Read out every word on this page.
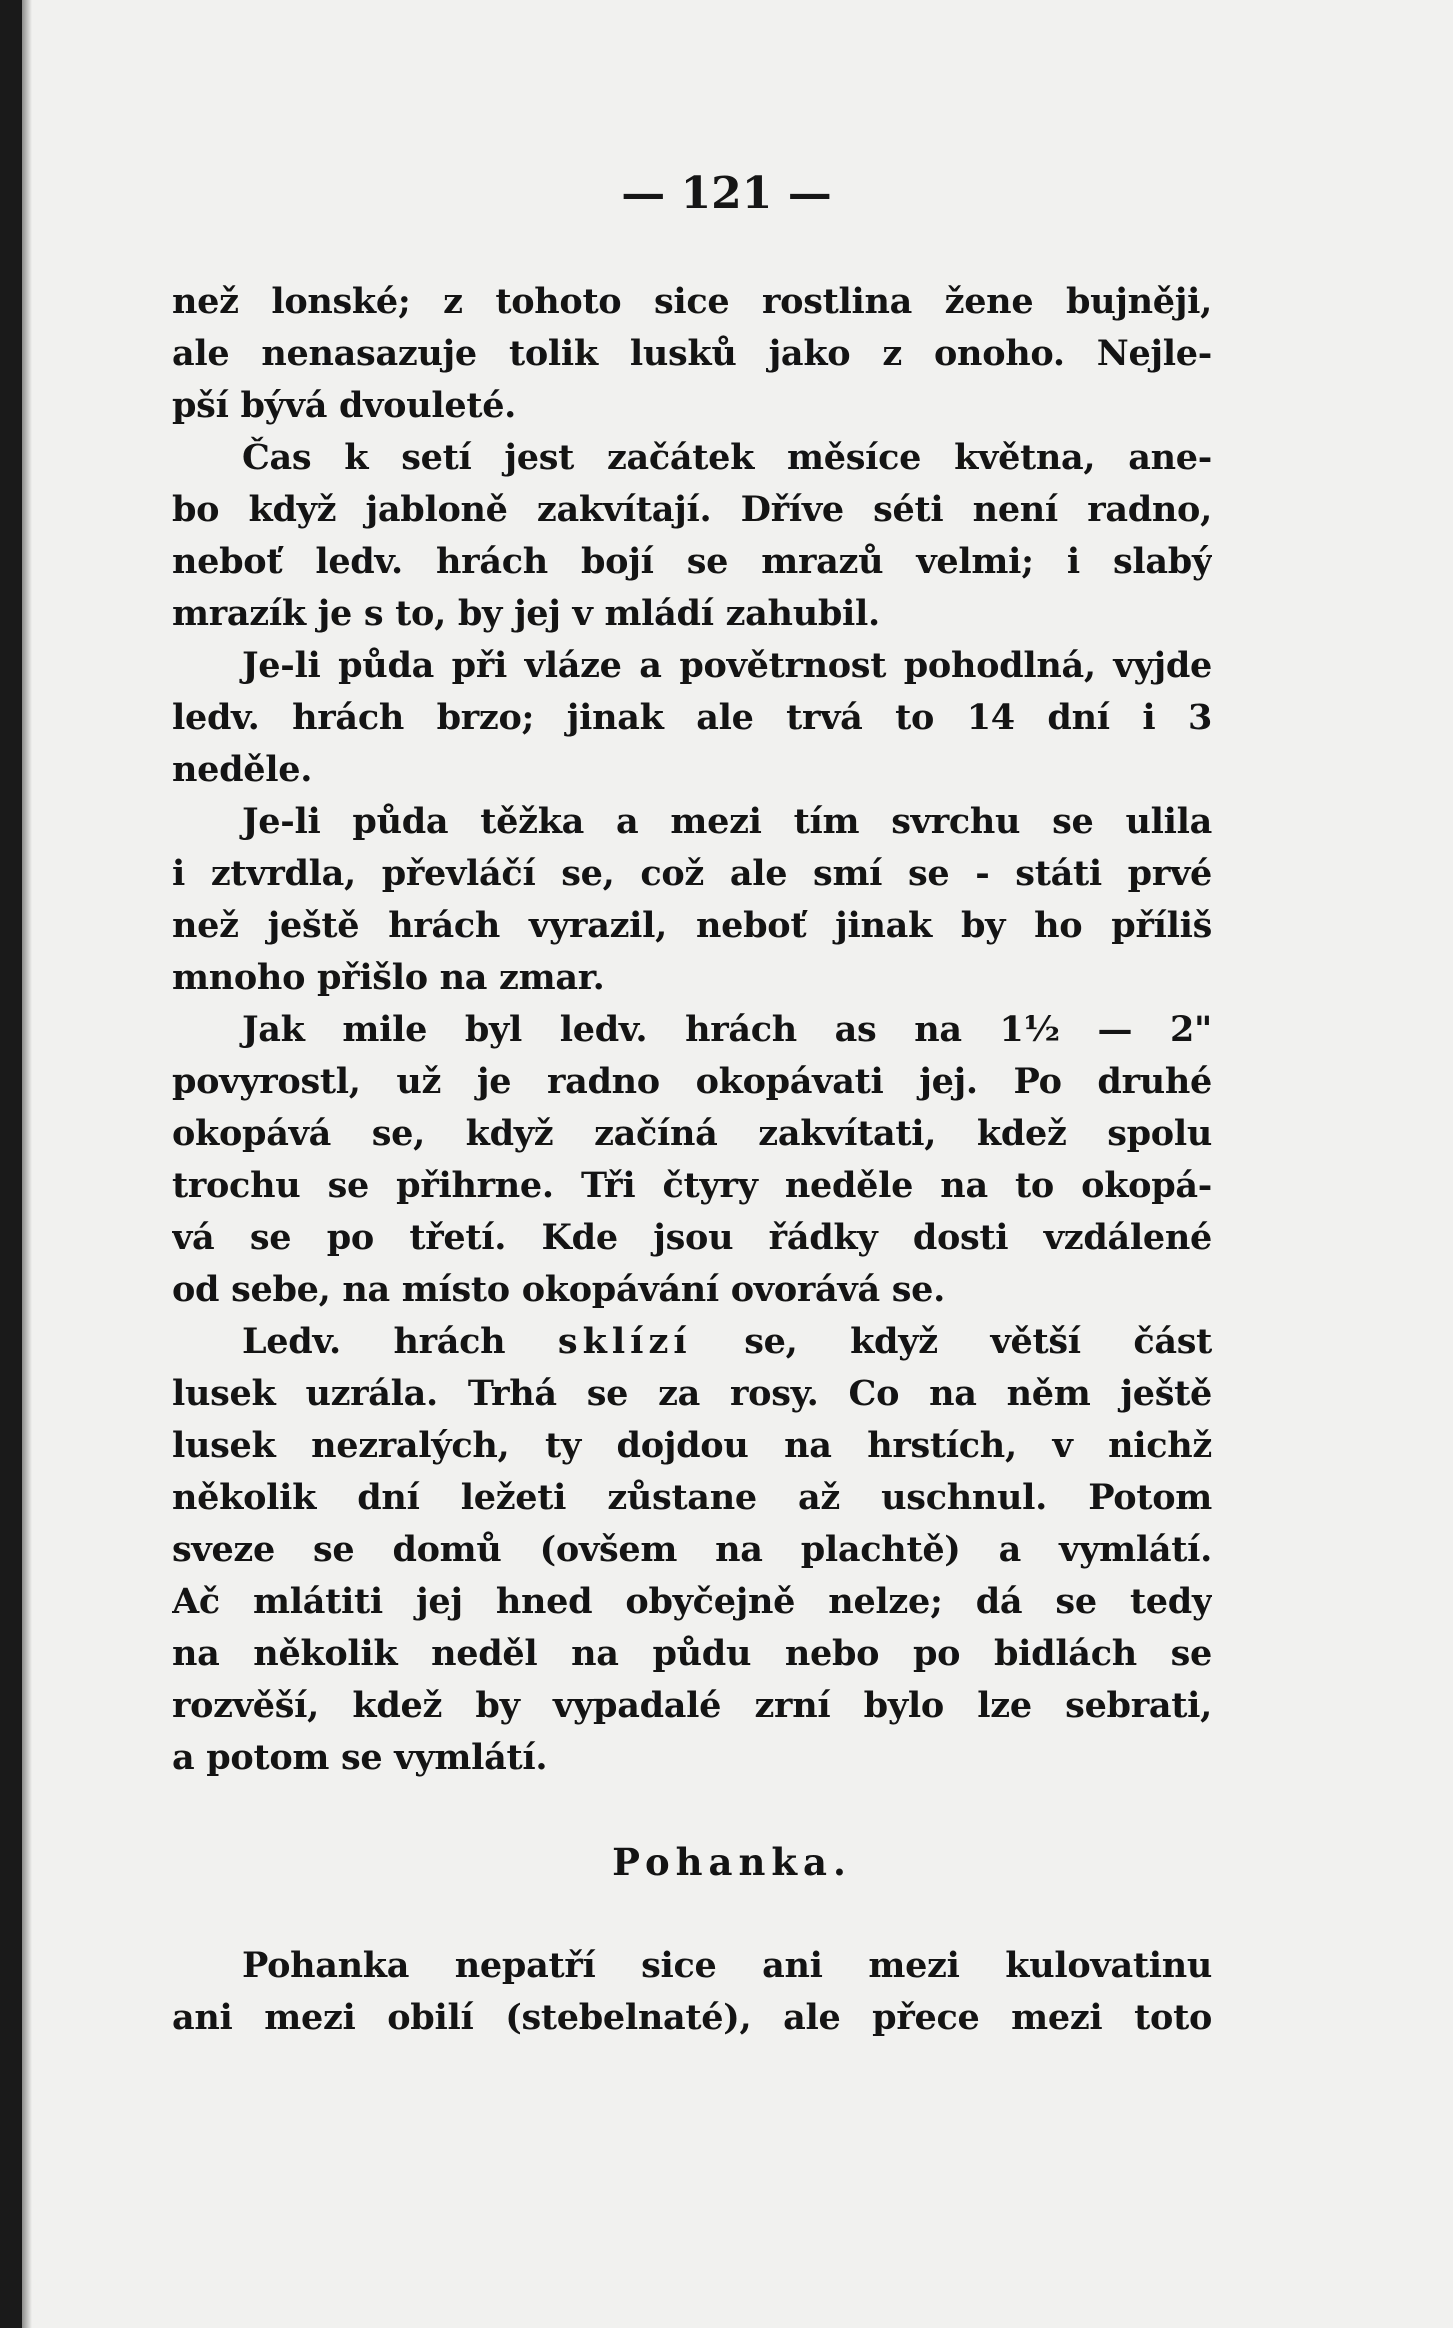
— 121 —
než lonské; z tohoto sice rostlina žene bujněji,
ale nenasazuje tolik lusků jako z onoho. Nejle-
pší bývá dvouleté.
Čas k setí jest začátek měsíce května, ane-
bo když jabloně zakvítají. Dříve séti není radno,
neboť ledv. hrách bojí se mrazů velmi; i slabý
mrazík je s to, by jej v mládí zahubil.
Je-li půda při vláze a povětrnost pohodlná, vyjde
ledv. hrách brzo; jinak ale trvá to 14 dní i 3
neděle.
Je-li půda těžka a mezi tím svrchu se ulila
i ztvrdla, převláčí se, což ale smí se - státi prvé
než ještě hrách vyrazil, neboť jinak by ho příliš
mnoho přišlo na zmar.
Jak mile byl ledv. hrách as na 1½ — 2"
povyrostl, už je radno okopávati jej. Po druhé
okopává se, když začíná zakvítati, kdež spolu
trochu se přihrne. Tři čtyry neděle na to okopá-
vá se po třetí. Kde jsou řádky dosti vzdálené
od sebe, na místo okopávání ovorává se.
Ledv. hrách sklízí se, když větší část
lusek uzrála. Trhá se za rosy. Co na něm ještě
lusek nezralých, ty dojdou na hrstích, v nichž
několik dní ležeti zůstane až uschnul. Potom
sveze se domů (ovšem na plachtě) a vymlátí.
Ač mlátiti jej hned obyčejně nelze; dá se tedy
na několik neděl na půdu nebo po bidlách se
rozvěší, kdež by vypadalé zrní bylo lze sebrati,
a potom se vymlátí.
Pohanka.
Pohanka nepatří sice ani mezi kulovatinu
ani mezi obilí (stebelnaté), ale přece mezi toto
